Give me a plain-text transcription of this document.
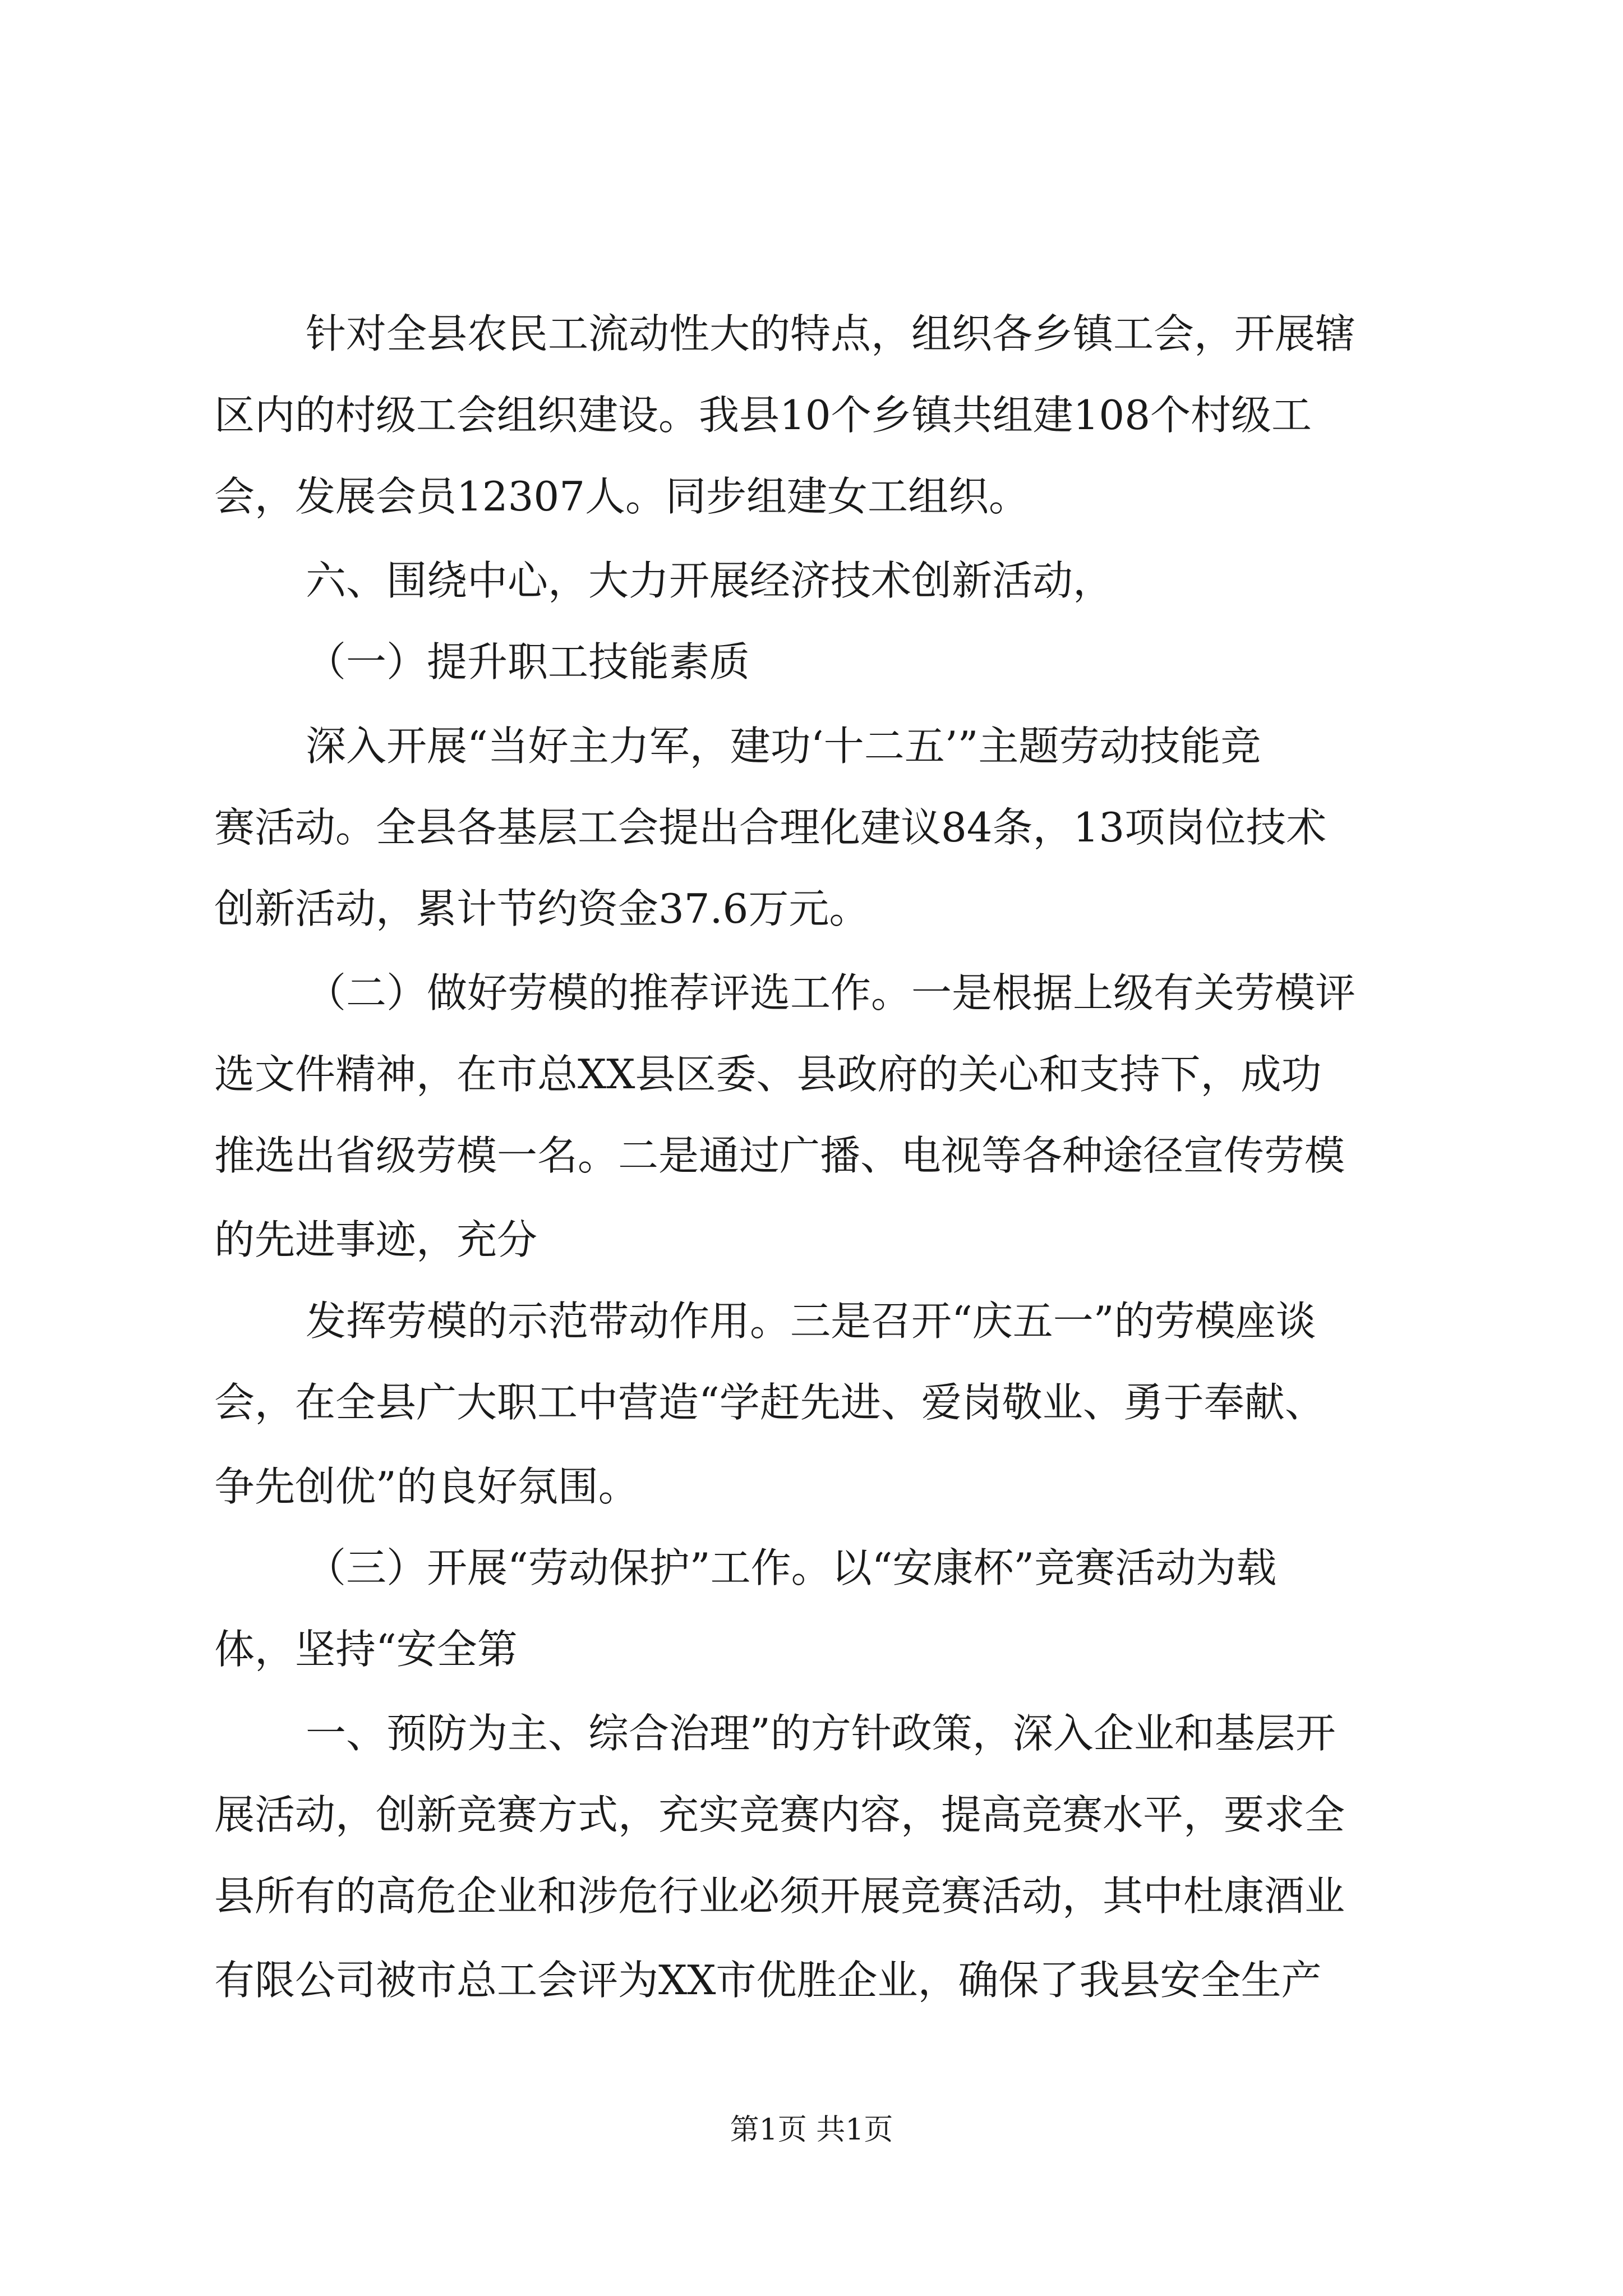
针对全县农民工流动性大的特点，组织各乡镇工会，开展辖
区内的村级工会组织建设。我县10个乡镇共组建108个村级工
会，发展会员12307人。同步组建女工组织。
六、围绕中心，大力开展经济技术创新活动，
（一）提升职工技能素质
深入开展“当好主力军，建功‘十二五’”主题劳动技能竞
赛活动。全县各基层工会提出合理化建议84条，13项岗位技术
创新活动，累计节约资金37.6万元。
（二）做好劳模的推荐评选工作。一是根据上级有关劳模评
选文件精神，在市总XX县区委、县政府的关心和支持下，成功
推选出省级劳模一名。二是通过广播、电视等各种途径宣传劳模
的先进事迹，充分
发挥劳模的示范带动作用。三是召开“庆五一”的劳模座谈
会，在全县广大职工中营造“学赶先进、爱岗敬业、勇于奉献、
争先创优”的良好氛围。
（三）开展“劳动保护”工作。以“安康杯”竞赛活动为载
体，坚持“安全第
一、预防为主、综合治理”的方针政策，深入企业和基层开
展活动，创新竞赛方式，充实竞赛内容，提高竞赛水平，要求全
县所有的高危企业和涉危行业必须开展竞赛活动，其中杜康酒业
有限公司被市总工会评为XX市优胜企业，确保了我县安全生产
第1页 共1页
